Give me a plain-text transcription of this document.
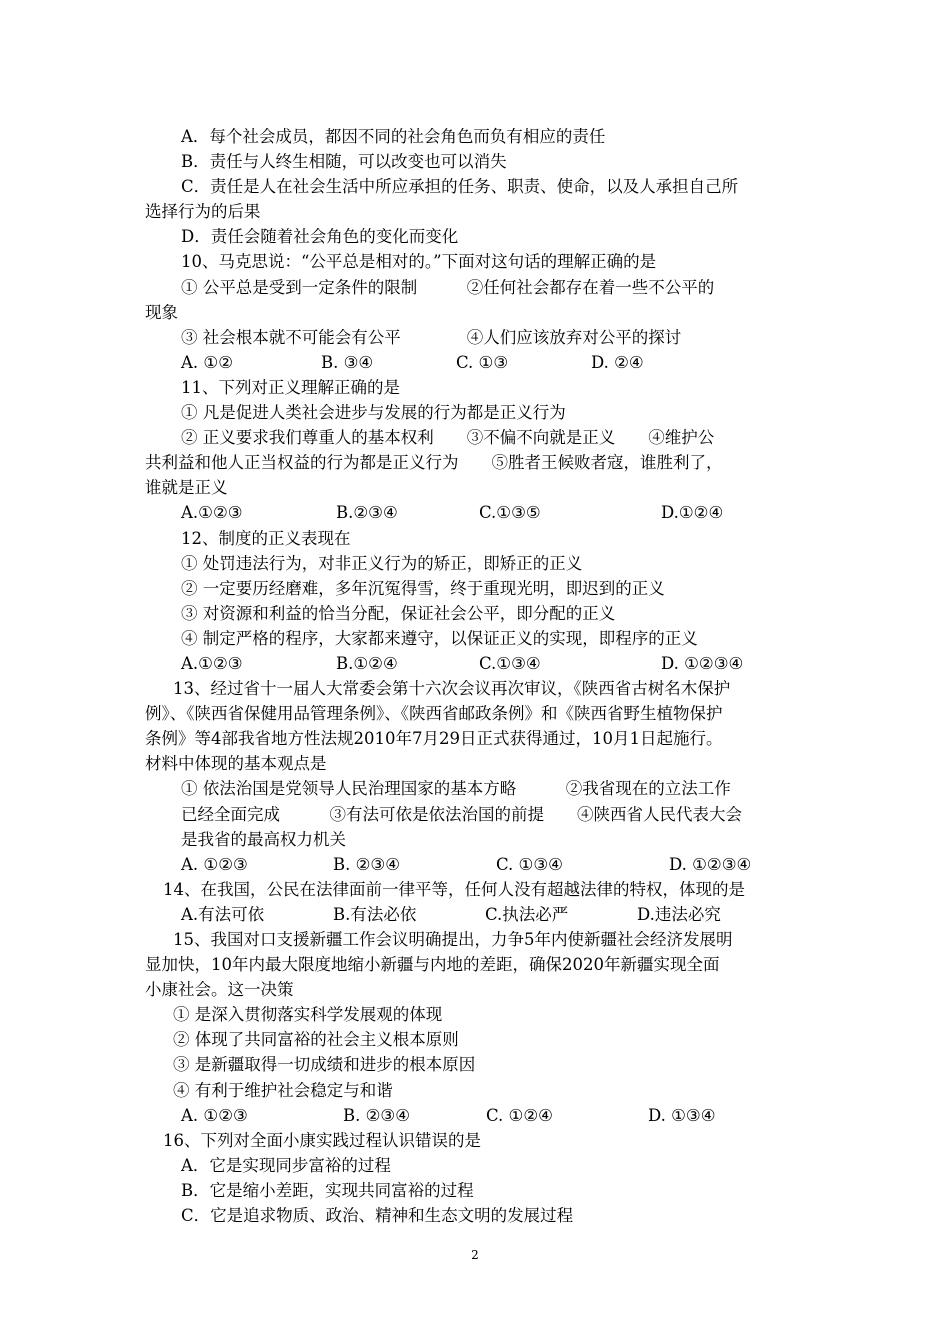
A．每个社会成员，都因不同的社会角色而负有相应的责任
B．责任与人终生相随，可以改变也可以消失
C．责任是人在社会生活中所应承担的任务、职责、使命，以及人承担自己所
选择行为的后果
D．责任会随着社会角色的变化而变化
10、马克思说：“公平总是相对的。”下面对这句话的理解正确的是
① 公平总是受到一定条件的限制　　　②任何社会都存在着一些不公平的
现象
③ 社会根本就不可能会有公平　　　　④人们应该放弃对公平的探讨
A. ①②	B. ③④	C. ①③	D. ②④
11、下列对正义理解正确的是
① 凡是促进人类社会进步与发展的行为都是正义行为
② 正义要求我们尊重人的基本权利　　③不偏不向就是正义　　④维护公
共利益和他人正当权益的行为都是正义行为　　⑤胜者王候败者寇，谁胜利了，
谁就是正义
A.①②③	B.②③④	C.①③⑤	D.①②④
12、制度的正义表现在
① 处罚违法行为，对非正义行为的矫正，即矫正的正义
② 一定要历经磨难，多年沉冤得雪，终于重现光明，即迟到的正义
③ 对资源和利益的恰当分配，保证社会公平，即分配的正义
④ 制定严格的程序，大家都来遵守，以保证正义的实现，即程序的正义
A.①②③	B.①②④	C.①③④	D. ①②③④
13、经过省十一届人大常委会第十六次会议再次审议，《陕西省古树名木保护
例》、《陕西省保健用品管理条例》、《陕西省邮政条例》和《陕西省野生植物保护
条例》等4部我省地方性法规2010年7月29日正式获得通过，10月1日起施行。
材料中体现的基本观点是
① 依法治国是党领导人民治理国家的基本方略　　　②我省现在的立法工作
已经全面完成　　　③有法可依是依法治国的前提　　④陕西省人民代表大会
是我省的最高权力机关
A. ①②③	B. ②③④	C. ①③④	D. ①②③④
14、在我国，公民在法律面前一律平等，任何人没有超越法律的特权，体现的是
A.有法可依	B.有法必依	C.执法必严	D.违法必究
15、我国对口支援新疆工作会议明确提出，力争5年内使新疆社会经济发展明
显加快，10年内最大限度地缩小新疆与内地的差距，确保2020年新疆实现全面
小康社会。这一决策
① 是深入贯彻落实科学发展观的体现
② 体现了共同富裕的社会主义根本原则
③ 是新疆取得一切成绩和进步的根本原因
④ 有利于维护社会稳定与和谐
A. ①②③	B. ②③④	C. ①②④	D. ①③④
16、下列对全面小康实践过程认识错误的是
A．它是实现同步富裕的过程
B．它是缩小差距，实现共同富裕的过程
C．它是追求物质、政治、精神和生态文明的发展过程
2
